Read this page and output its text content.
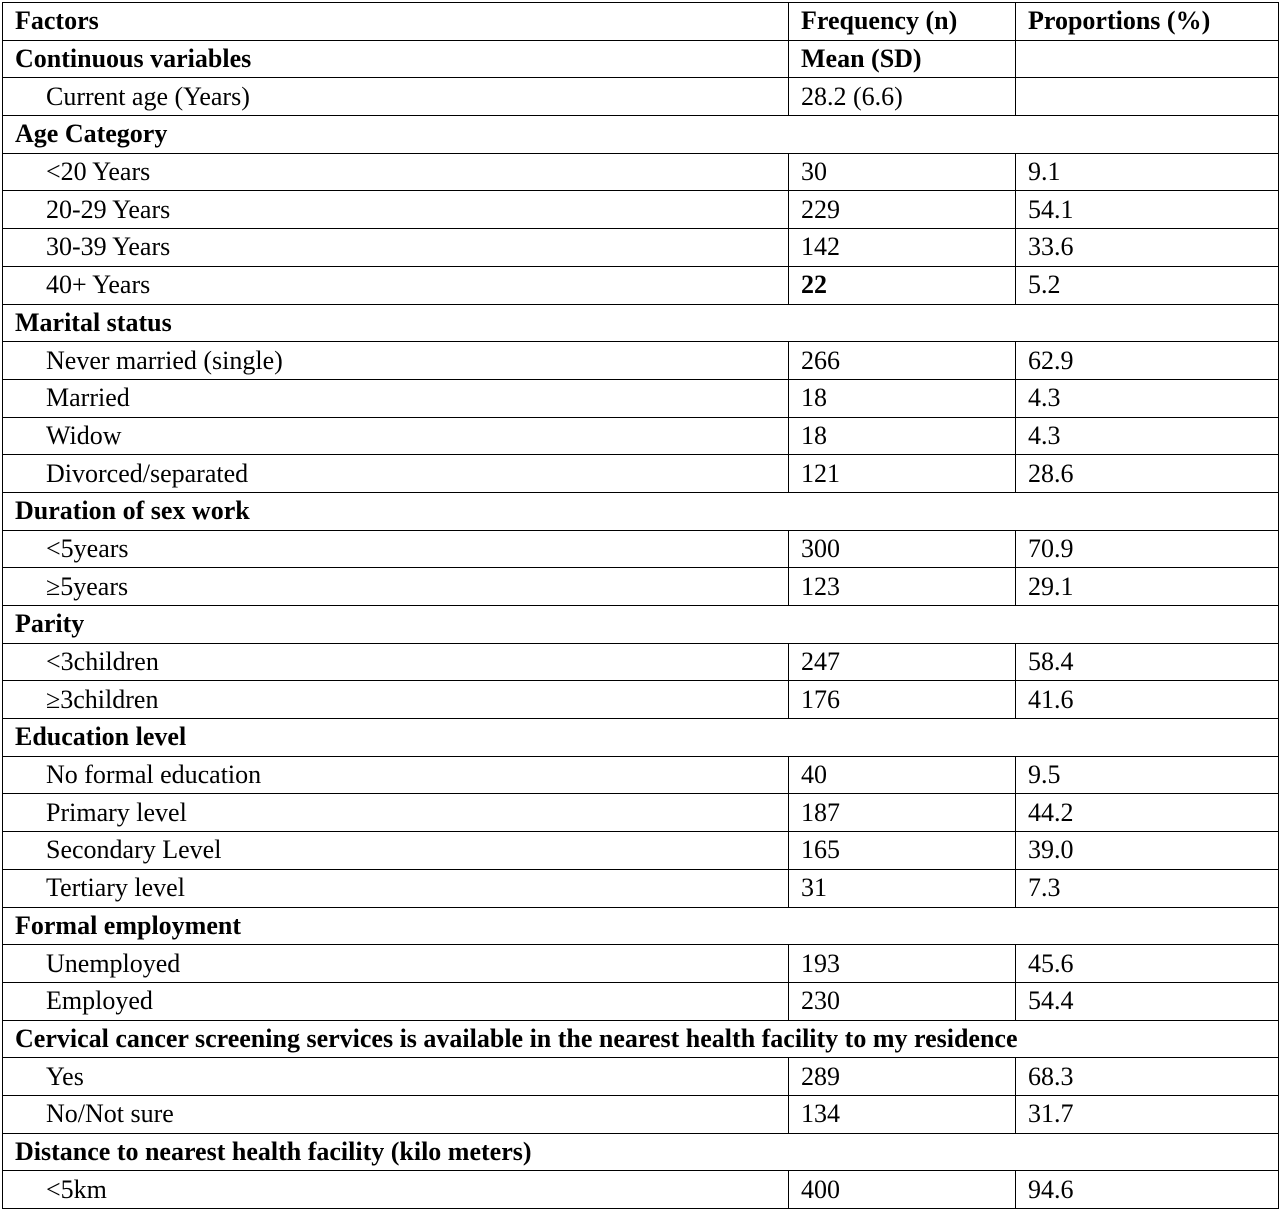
Factors	Frequency (n)	Proportions (%)
Continuous variables	Mean (SD)	
Current age (Years)	28.2 (6.6)	
Age Category		
<20 Years	30	9.1
20-29 Years	229	54.1
30-39 Years	142	33.6
40+ Years	22	5.2
Marital status		
Never married (single)	266	62.9
Married	18	4.3
Widow	18	4.3
Divorced/separated	121	28.6
Duration of sex work		
<5years	300	70.9
≥5years	123	29.1
Parity		
<3children	247	58.4
≥3children	176	41.6
Education level		
No formal education	40	9.5
Primary level	187	44.2
Secondary Level	165	39.0
Tertiary level	31	7.3
Formal employment		
Unemployed	193	45.6
Employed	230	54.4
Cervical cancer screening services is available in the nearest health facility to my residence		
Yes	289	68.3
No/Not sure	134	31.7
Distance to nearest health facility (kilo meters)		
<5km	400	94.6
